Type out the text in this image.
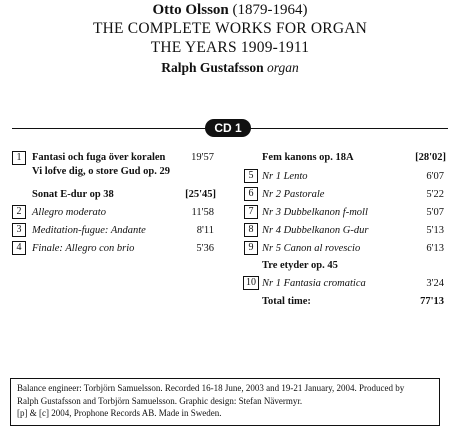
Otto Olsson (1879-1964)
THE COMPLETE WORKS FOR ORGAN
THE YEARS 1909-1911
Ralph Gustafsson organ
CD 1
1	Fantasi och fuga över koralen
Vi lofve dig, o store Gud op. 29
19'57
Sonat E-dur op 38	[25'45]
2	Allegro moderato	11'58
3	Meditation-fugue: Andante	8'11
4	Finale: Allegro con brio	5'36
Fem kanons op. 18A	[28'02]
5 Nr 1 Lento	6'07
6 Nr 2 Pastorale	5'22
7 Nr 3 Dubbelkanon f-moll	5'07
8 Nr 4 Dubbelkanon G-dur	5'13
9 Nr 5 Canon al rovescio	6'13
Tre etyder op. 45
10 Nr 1 Fantasia cromatica	3'24
Total time:	77'13
Balance engineer: Torbjörn Samuelsson. Recorded 16-18 June, 2003 and 19-21 January, 2004. Produced by
Ralph Gustafsson and Torbjörn Samuelsson. Graphic design: Stefan Nävermyr.
[p] & [c] 2004, Prophone Records AB. Made in Sweden.
